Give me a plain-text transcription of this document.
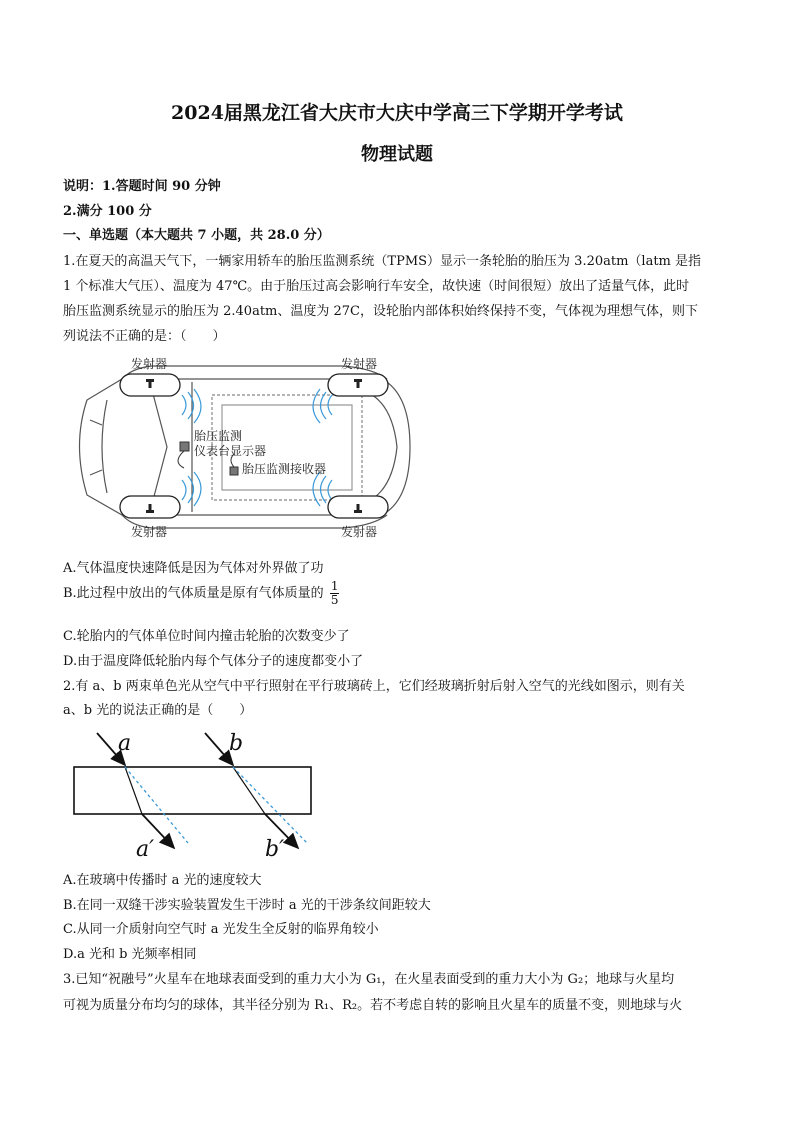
2024届黑龙江省大庆市大庆中学高三下学期开学考试
物理试题
说明：1.答题时间 90 分钟
2.满分 100 分
一、单选题（本大题共 7 小题，共 28.0 分）
1.在夏天的高温天气下，一辆家用轿车的胎压监测系统（TPMS）显示一条轮胎的胎压为 3.20atm（latm 是指
1 个标准大气压）、温度为 47℃。由于胎压过高会影响行车安全，故快速（时间很短）放出了适量气体，此时
胎压监测系统显示的胎压为 2.40atm、温度为 27C，设轮胎内部体积始终保持不变，气体视为理想气体，则下
列说法不正确的是：（　　）
发射器	发射器
发射器	发射器
胎压监测
仪表台显示器
胎压监测接收器
A.气体温度快速降低是因为气体对外界做了功
B.此过程中放出的气体质量是原有气体质量的 $\frac{1}{5}$
C.轮胎内的气体单位时间内撞击轮胎的次数变少了
D.由于温度降低轮胎内每个气体分子的速度都变小了
2.有 a、b 两束单色光从空气中平行照射在平行玻璃砖上，它们经玻璃折射后射入空气的光线如图示，则有关
a、b 光的说法正确的是（　　）
a	b
a′	b′
A.在玻璃中传播时 a 光的速度较大
B.在同一双缝干涉实验装置发生干涉时 a 光的干涉条纹间距较大
C.从同一介质射向空气时 a 光发生全反射的临界角较小
D.a 光和 b 光频率相同
3.已知“祝融号”火星车在地球表面受到的重力大小为 G₁，在火星表面受到的重力大小为 G₂；地球与火星均
可视为质量分布均匀的球体，其半径分别为 R₁、R₂。若不考虑自转的影响且火星车的质量不变，则地球与火
